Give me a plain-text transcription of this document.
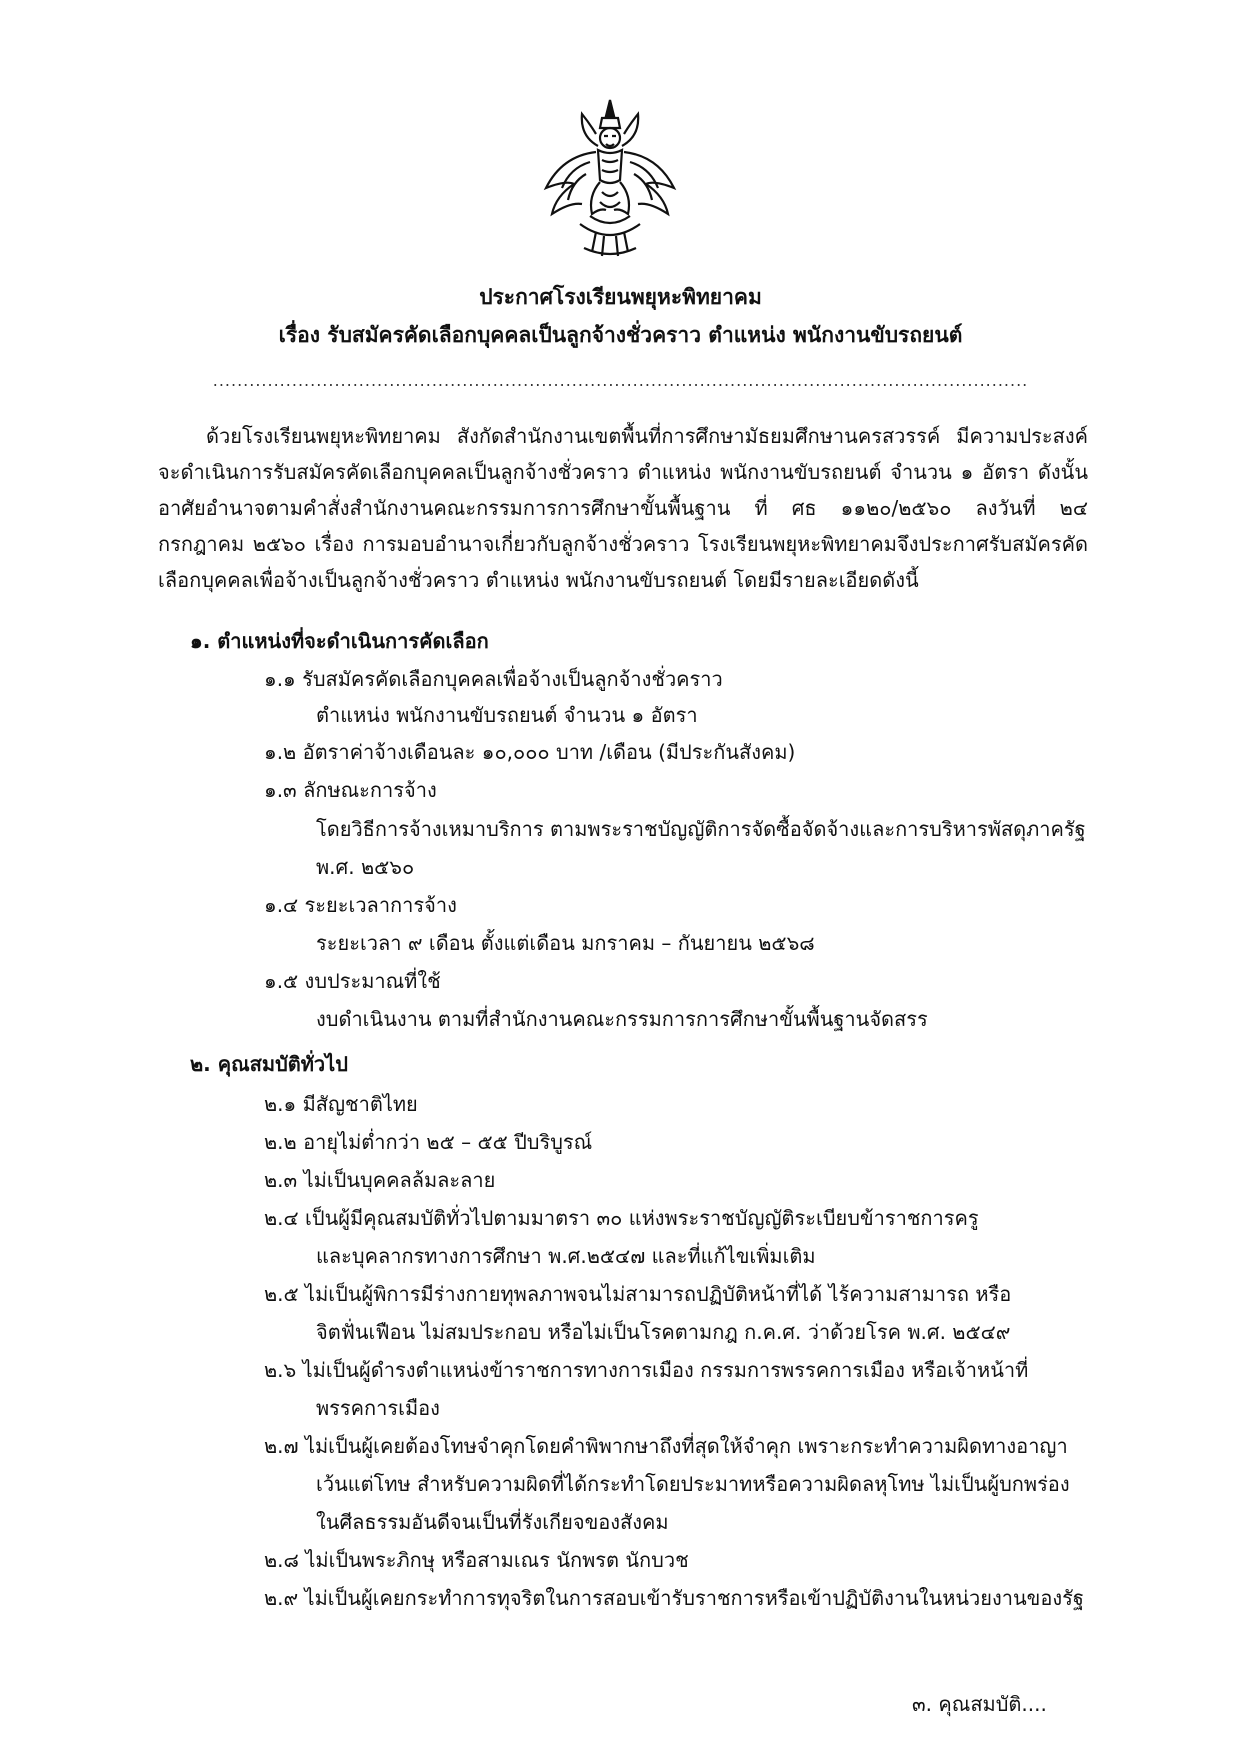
ประกาศโรงเรียนพยุหะพิทยาคม
เรื่อง รับสมัครคัดเลือกบุคคลเป็นลูกจ้างชั่วคราว ตำแหน่ง พนักงานขับรถยนต์
......................................................................................................................................
ด้วยโรงเรียนพยุหะพิทยาคม สังกัดสำนักงานเขตพื้นที่การศึกษามัธยมศึกษานครสวรรค์ มีความประสงค์จะดำเนินการรับสมัครคัดเลือกบุคคลเป็นลูกจ้างชั่วคราว ตำแหน่ง พนักงานขับรถยนต์ จำนวน ๑ อัตรา ดังนั้น อาศัยอำนาจตามคำสั่งสำนักงานคณะกรรมการการศึกษาขั้นพื้นฐาน ที่ ศธ ๑๑๒๐/๒๕๖๐ ลงวันที่ ๒๔ กรกฎาคม ๒๕๖๐ เรื่อง การมอบอำนาจเกี่ยวกับลูกจ้างชั่วคราว โรงเรียนพยุหะพิทยาคมจึงประกาศรับสมัครคัดเลือกบุคคลเพื่อจ้างเป็นลูกจ้างชั่วคราว ตำแหน่ง พนักงานขับรถยนต์ โดยมีรายละเอียดดังนี้
๑. ตำแหน่งที่จะดำเนินการคัดเลือก
๑.๑ รับสมัครคัดเลือกบุคคลเพื่อจ้างเป็นลูกจ้างชั่วคราว
ตำแหน่ง พนักงานขับรถยนต์ จำนวน ๑ อัตรา
๑.๒ อัตราค่าจ้างเดือนละ ๑๐,๐๐๐ บาท /เดือน (มีประกันสังคม)
๑.๓ ลักษณะการจ้าง
โดยวิธีการจ้างเหมาบริการ ตามพระราชบัญญัติการจัดซื้อจัดจ้างและการบริหารพัสดุภาครัฐ
พ.ศ. ๒๕๖๐
๑.๔ ระยะเวลาการจ้าง
ระยะเวลา ๙ เดือน ตั้งแต่เดือน มกราคม – กันยายน ๒๕๖๘
๑.๕ งบประมาณที่ใช้
งบดำเนินงาน ตามที่สำนักงานคณะกรรมการการศึกษาขั้นพื้นฐานจัดสรร
๒. คุณสมบัติทั่วไป
๒.๑ มีสัญชาติไทย
๒.๒ อายุไม่ต่ำกว่า ๒๕ – ๕๕ ปีบริบูรณ์
๒.๓ ไม่เป็นบุคคลล้มละลาย
๒.๔ เป็นผู้มีคุณสมบัติทั่วไปตามมาตรา ๓๐ แห่งพระราชบัญญัติระเบียบข้าราชการครู
และบุคลากรทางการศึกษา พ.ศ.๒๕๔๗ และที่แก้ไขเพิ่มเติม
๒.๕ ไม่เป็นผู้พิการมีร่างกายทุพลภาพจนไม่สามารถปฏิบัติหน้าที่ได้ ไร้ความสามารถ หรือ
จิตฟั่นเฟือน ไม่สมประกอบ หรือไม่เป็นโรคตามกฎ ก.ค.ศ. ว่าด้วยโรค พ.ศ. ๒๕๔๙
๒.๖ ไม่เป็นผู้ดำรงตำแหน่งข้าราชการทางการเมือง กรรมการพรรคการเมือง หรือเจ้าหน้าที่
พรรคการเมือง
๒.๗ ไม่เป็นผู้เคยต้องโทษจำคุกโดยคำพิพากษาถึงที่สุดให้จำคุก เพราะกระทำความผิดทางอาญา
เว้นแต่โทษ สำหรับความผิดที่ได้กระทำโดยประมาทหรือความผิดลหุโทษ ไม่เป็นผู้บกพร่อง
ในศีลธรรมอันดีจนเป็นที่รังเกียจของสังคม
๒.๘ ไม่เป็นพระภิกษุ หรือสามเณร นักพรต นักบวช
๒.๙ ไม่เป็นผู้เคยกระทำการทุจริตในการสอบเข้ารับราชการหรือเข้าปฏิบัติงานในหน่วยงานของรัฐ
๓. คุณสมบัติ....
